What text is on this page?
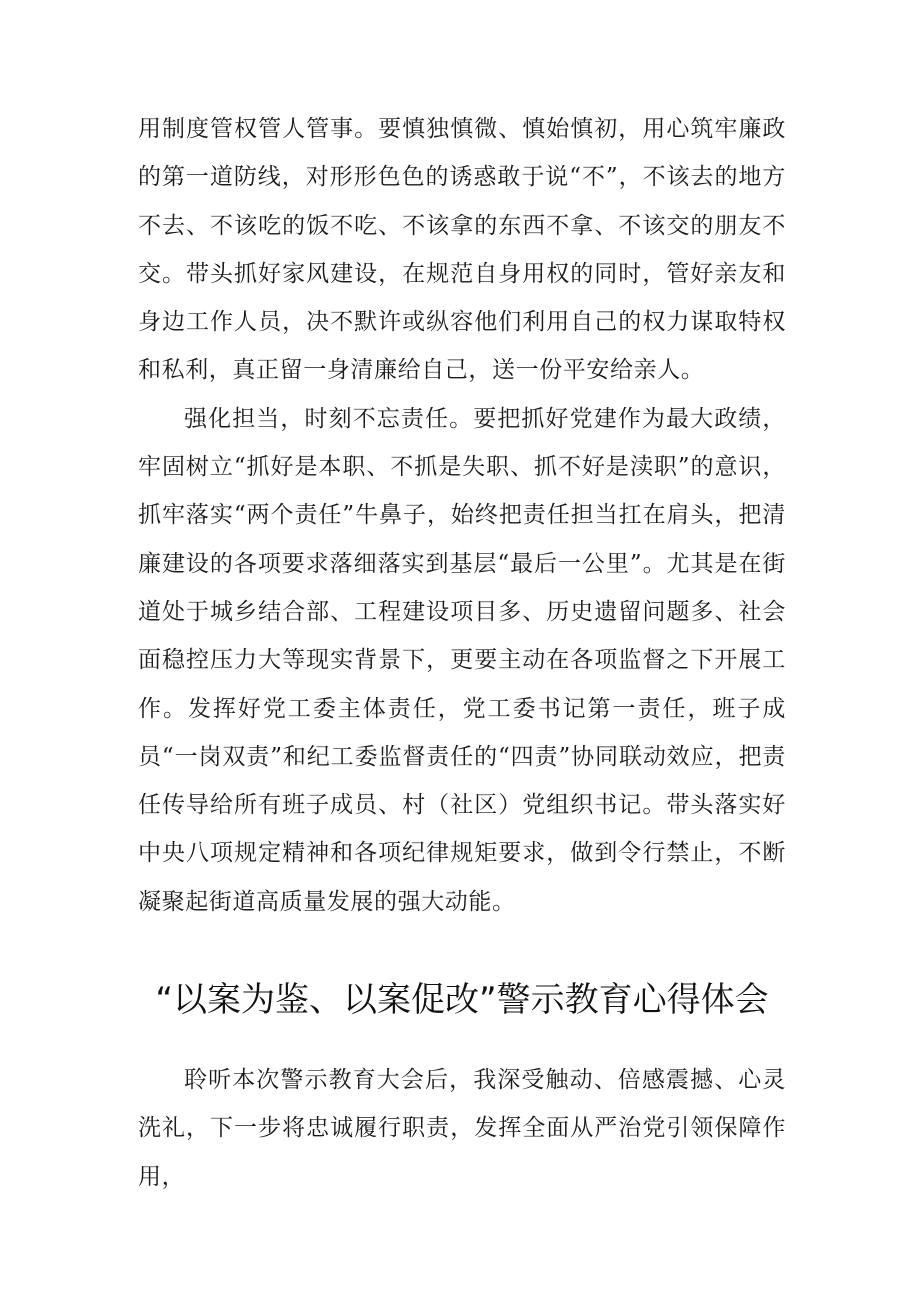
用制度管权管人管事。要慎独慎微、慎始慎初，用心筑牢廉政的第一道防线，对形形色色的诱惑敢于说“不”，不该去的地方不去、不该吃的饭不吃、不该拿的东西不拿、不该交的朋友不交。带头抓好家风建设，在规范自身用权的同时，管好亲友和身边工作人员，决不默许或纵容他们利用自己的权力谋取特权和私利，真正留一身清廉给自己，送一份平安给亲人。

强化担当，时刻不忘责任。要把抓好党建作为最大政绩，牢固树立“抓好是本职、不抓是失职、抓不好是渎职”的意识，抓牢落实“两个责任”牛鼻子，始终把责任担当扛在肩头，把清廉建设的各项要求落细落实到基层“最后一公里”。尤其是在街道处于城乡结合部、工程建设项目多、历史遗留问题多、社会面稳控压力大等现实背景下，更要主动在各项监督之下开展工作。发挥好党工委主体责任，党工委书记第一责任，班子成员“一岗双责”和纪工委监督责任的“四责”协同联动效应，把责任传导给所有班子成员、村（社区）党组织书记。带头落实好中央八项规定精神和各项纪律规矩要求，做到令行禁止，不断凝聚起街道高质量发展的强大动能。

“以案为鉴、以案促改”警示教育心得体会

聆听本次警示教育大会后，我深受触动、倍感震撼、心灵洗礼，下一步将忠诚履行职责，发挥全面从严治党引领保障作用，
